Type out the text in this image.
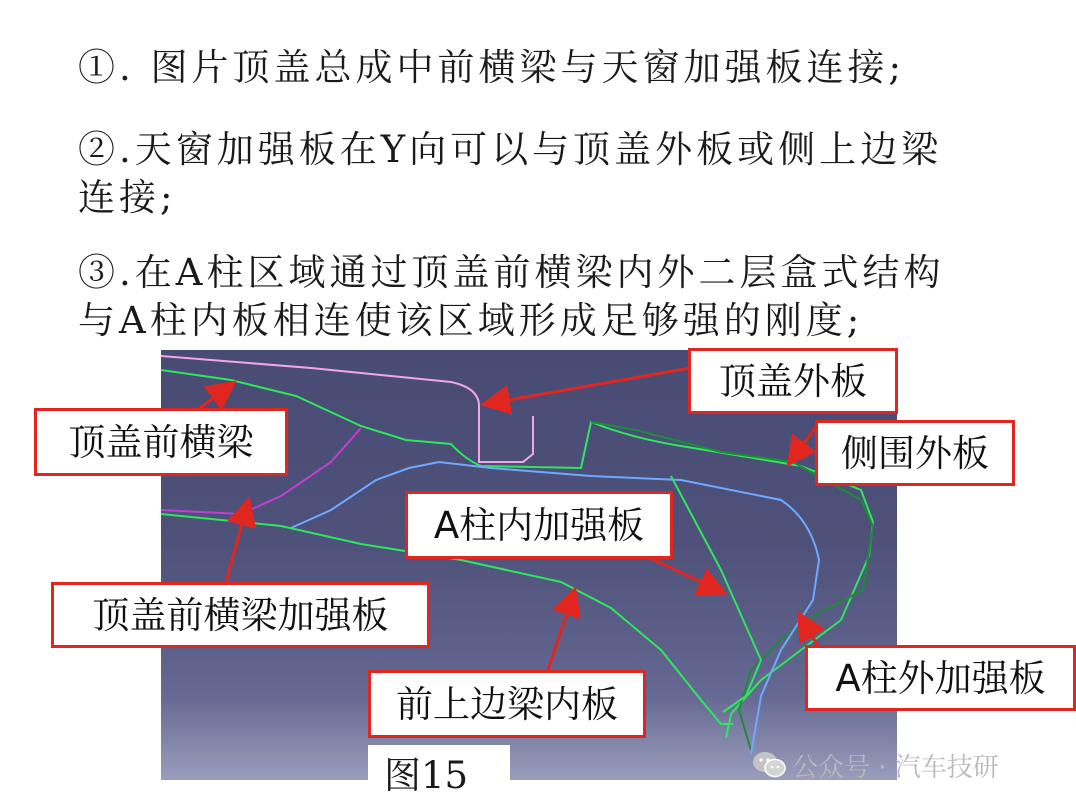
①. 图片顶盖总成中前横梁与天窗加强板连接;

②.天窗加强板在Y向可以与顶盖外板或侧上边梁
连接;

③.在A柱区域通过顶盖前横梁内外二层盒式结构
与A柱内板相连使该区域形成足够强的刚度;

顶盖外板
侧围外板
顶盖前横梁
A柱内加强板
顶盖前横梁加强板
A柱外加强板
前上边梁内板
图15	公众号 · 汽车技研
